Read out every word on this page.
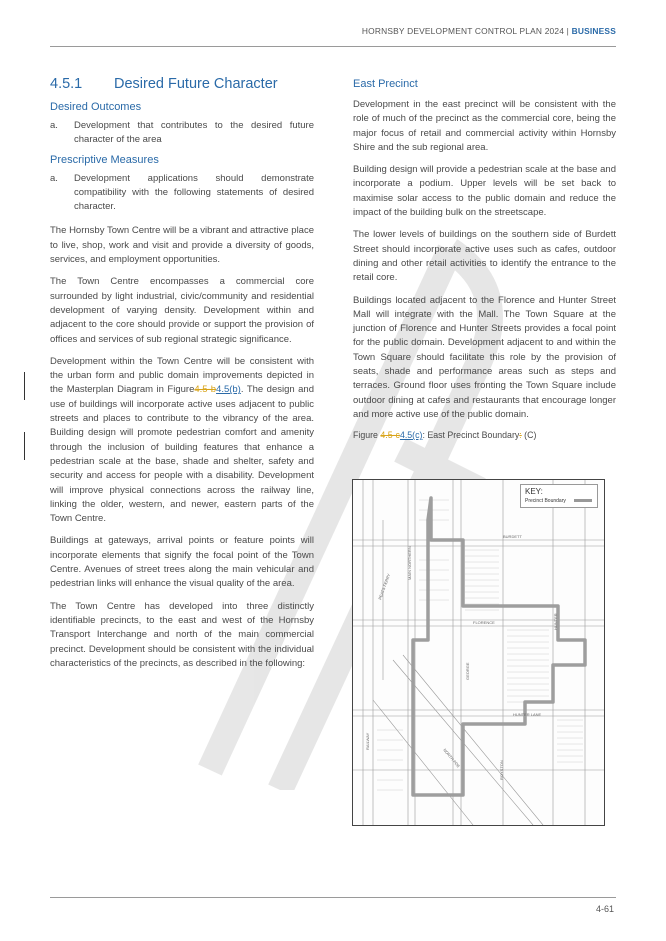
HORNSBY DEVELOPMENT CONTROL PLAN 2024 | BUSINESS
4.5.1 Desired Future Character
Desired Outcomes
a.	Development that contributes to the desired future character of the area
Prescriptive Measures
a.	Development applications should demonstrate compatibility with the following statements of desired character.

The Hornsby Town Centre will be a vibrant and attractive place to live, shop, work and visit and provide a diversity of goods, services, and employment opportunities.

The Town Centre encompasses a commercial core surrounded by light industrial, civic/community and residential development of varying density. Development within and adjacent to the core should provide or support the provision of offices and services of sub regional strategic significance.

Development within the Town Centre will be consistent with the urban form and public domain improvements depicted in the Masterplan Diagram in Figure4.5-b4.5(b). The design and use of buildings will incorporate active uses adjacent to public streets and places to contribute to the vibrancy of the area. Building design will promote pedestrian comfort and amenity through the inclusion of building features that enhance a pedestrian scale at the base, shade and shelter, safety and security and access for people with a disability. Development will improve physical connections across the railway line, linking the older, western, and newer, eastern parts of the Town Centre.

Buildings at gateways, arrival points or feature points will incorporate elements that signify the focal point of the Town Centre. Avenues of street trees along the main vehicular and pedestrian links will enhance the visual quality of the area.

The Town Centre has developed into three distinctly identifiable precincts, to the east and west of the Hornsby Transport Interchange and north of the main commercial precinct. Development should be consistent with the individual characteristics of the precincts, as described in the following:

East Precinct

Development in the east precinct will be consistent with the role of much of the precinct as the commercial core, being the major focus of retail and commercial activity within Hornsby Shire and the sub regional area.

Building design will provide a pedestrian scale at the base and incorporate a podium. Upper levels will be set back to maximise solar access to the public domain and reduce the impact of the building bulk on the streetscape.

The lower levels of buildings on the southern side of Burdett Street should incorporate active uses such as cafes, outdoor dining and other retail activities to identify the entrance to the retail core.

Buildings located adjacent to the Florence and Hunter Street Mall will integrate with the Mall. The Town Square at the junction of Florence and Hunter Streets provides a focal point for the public domain. Development adjacent to and within the Town Square should facilitate this role by the provision of seats, shade and performance areas such as steps and terraces. Ground floor uses fronting the Town Square include outdoor dining at cafes and restaurants that encourage longer and more active use of the public domain.

Figure 4.5-c4.5(c): East Precinct Boundary: (C)
MAIN NORTHERN
BURDETT
FLORENCE	HUNTER
PEATS FERRY
RAILWAY
NORTH PDE
GEORGE
HUNTER LANE
ROYSTON
KEY:
Precinct Boundary
4-61
